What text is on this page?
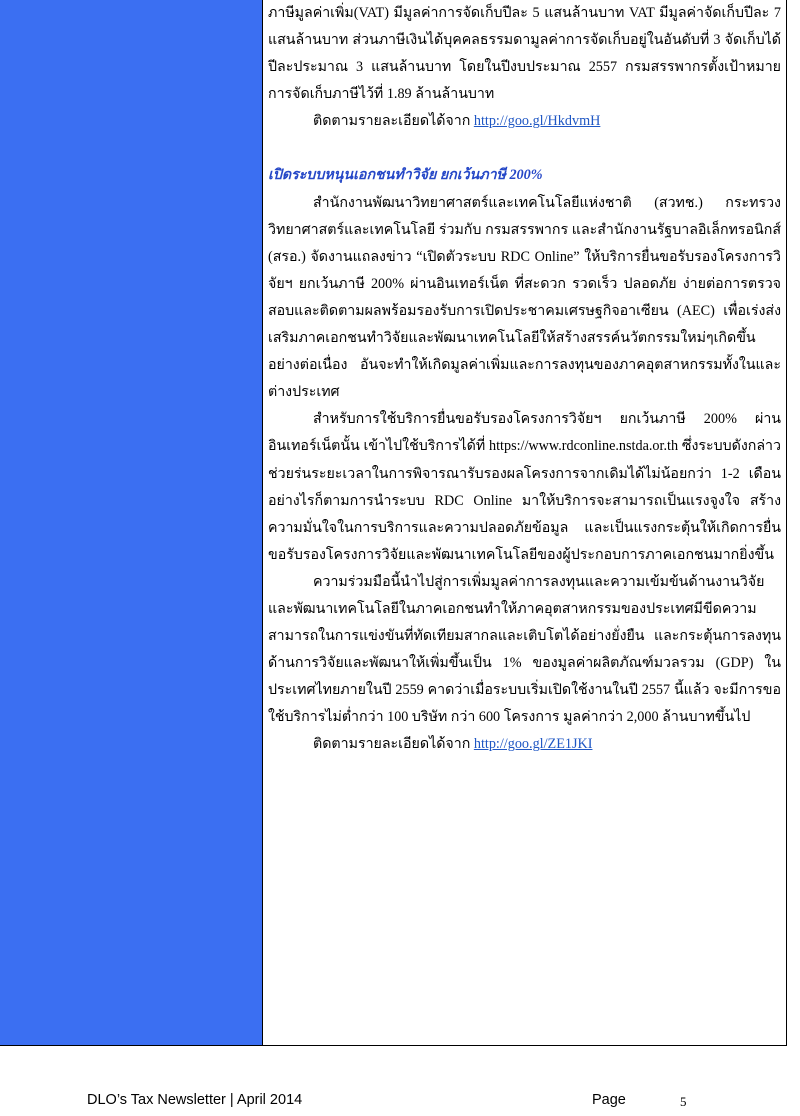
ภาษีมูลค่าเพิ่ม(VAT) มีมูลค่าการจัดเก็บปีละ 5 แสนล้านบาท VAT มีมูลค่าจัดเก็บปีละ 7 แสนล้านบาท ส่วนภาษีเงินได้บุคคลธรรมดามูลค่าการจัดเก็บอยู่ในอันดับที่ 3 จัดเก็บได้ปีละประมาณ 3 แสนล้านบาท โดยในปีงบประมาณ 2557 กรมสรรพากรตั้งเป้าหมายการจัดเก็บภาษีไว้ที่ 1.89 ล้านล้านบาท

ติดตามรายละเอียดได้จาก http://goo.gl/HkdvmH

เปิดระบบหนุนเอกชนทำวิจัย ยกเว้นภาษี 200%

สำนักงานพัฒนาวิทยาศาสตร์และเทคโนโลยีแห่งชาติ (สวทช.) กระทรวงวิทยาศาสตร์และเทคโนโลยี ร่วมกับ กรมสรรพากร และสำนักงานรัฐบาลอิเล็กทรอนิกส์ (สรอ.) จัดงานแถลงข่าว “เปิดตัวระบบ RDC Online” ให้บริการยื่นขอรับรองโครงการวิจัยฯ ยกเว้นภาษี 200% ผ่านอินเทอร์เน็ต ที่สะดวก รวดเร็ว ปลอดภัย ง่ายต่อการตรวจสอบและติดตามผลพร้อมรองรับการเปิดประชาคมเศรษฐกิจอาเซียน (AEC) เพื่อเร่งส่งเสริมภาคเอกชนทำวิจัยและพัฒนาเทคโนโลยีให้สร้างสรรค์นวัตกรรมใหม่ๆเกิดขึ้นอย่างต่อเนื่อง อันจะทำให้เกิดมูลค่าเพิ่มและการลงทุนของภาคอุตสาหกรรมทั้งในและต่างประเทศ

สำหรับการใช้บริการยื่นขอรับรองโครงการวิจัยฯ ยกเว้นภาษี 200% ผ่านอินเทอร์เน็ตนั้น เข้าไปใช้บริการได้ที่ https://www.rdconline.nstda.or.th ซึ่งระบบดังกล่าวช่วยร่นระยะเวลาในการพิจารณารับรองผลโครงการจากเดิมได้ไม่น้อยกว่า 1-2 เดือน อย่างไรก็ตามการนำระบบ RDC Online มาให้บริการจะสามารถเป็นแรงจูงใจ สร้างความมั่นใจในการบริการและความปลอดภัยข้อมูล และเป็นแรงกระตุ้นให้เกิดการยื่นขอรับรองโครงการวิจัยและพัฒนาเทคโนโลยีของผู้ประกอบการภาคเอกชนมากยิ่งขึ้น

ความร่วมมือนี้นำไปสู่การเพิ่มมูลค่าการลงทุนและความเข้มข้นด้านงานวิจัยและพัฒนาเทคโนโลยีในภาคเอกชนทำให้ภาคอุตสาหกรรมของประเทศมีขีดความสามารถในการแข่งขันที่ทัดเทียมสากลและเติบโตได้อย่างยั่งยืน และกระตุ้นการลงทุนด้านการวิจัยและพัฒนาให้เพิ่มขึ้นเป็น 1% ของมูลค่าผลิตภัณฑ์มวลรวม (GDP) ในประเทศไทยภายในปี 2559 คาดว่าเมื่อระบบเริ่มเปิดใช้งานในปี 2557 นี้แล้ว จะมีการขอใช้บริการไม่ต่ำกว่า 100 บริษัท กว่า 600 โครงการ มูลค่ากว่า 2,000 ล้านบาทขึ้นไป

ติดตามรายละเอียดได้จาก http://goo.gl/ZE1JKI

DLO’s Tax Newsletter | April 2014	Page	5
